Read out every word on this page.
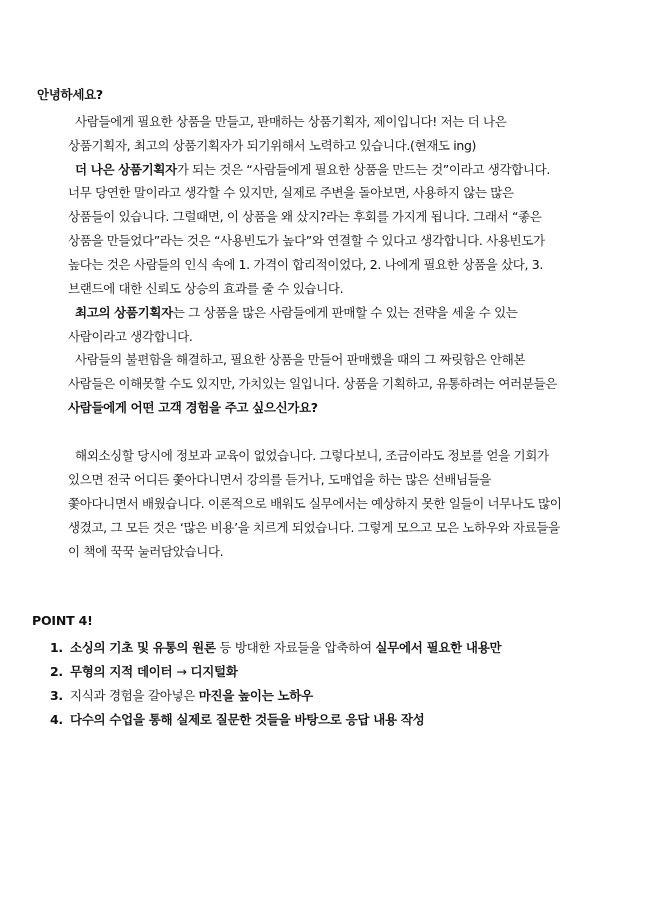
안녕하세요?
사람들에게 필요한 상품을 만들고, 판매하는 상품기획자, 제이입니다! 저는 더 나은
상품기획자, 최고의 상품기획자가 되기위해서 노력하고 있습니다.(현재도 ing)
더 나은 상품기획자가 되는 것은 “사람들에게 필요한 상품을 만드는 것”이라고 생각합니다.
너무 당연한 말이라고 생각할 수 있지만, 실제로 주변을 돌아보면, 사용하지 않는 많은
상품들이 있습니다. 그럴때면, 이 상품을 왜 샀지?라는 후회를 가지게 됩니다. 그래서 “좋은
상품을 만들었다”라는 것은 “사용빈도가 높다”와 연결할 수 있다고 생각합니다. 사용빈도가
높다는 것은 사람들의 인식 속에 1. 가격이 합리적이었다, 2. 나에게 필요한 상품을 샀다, 3.
브랜드에 대한 신뢰도 상승의 효과를 줄 수 있습니다.
최고의 상품기획자는 그 상품을 많은 사람들에게 판매할 수 있는 전략을 세울 수 있는
사람이라고 생각합니다.
사람들의 불편함을 해결하고, 필요한 상품을 만들어 판매했을 때의 그 짜릿함은 안해본
사람들은 이해못할 수도 있지만, 가치있는 일입니다. 상품을 기획하고, 유통하려는 여러분들은
사람들에게 어떤 고객 경험을 주고 싶으신가요?
해외소싱할 당시에 정보과 교육이 없었습니다. 그렇다보니, 조금이라도 정보를 얻을 기회가
있으면 전국 어디든 쫓아다니면서 강의를 듣거나, 도매업을 하는 많은 선배님들을
쫓아다니면서 배웠습니다. 이론적으로 배워도 실무에서는 예상하지 못한 일들이 너무나도 많이
생겼고, 그 모든 것은 ‘많은 비용’을 치르게 되었습니다. 그렇게 모으고 모은 노하우와 자료들을
이 책에 꾹꾹 눌러담았습니다.
POINT 4!
1. 소싱의 기초 및 유통의 원론 등 방대한 자료들을 압축하여 실무에서 필요한 내용만
2. 무형의 지적 데이터 → 디지털화
3. 지식과 경험을 갈아넣은 마진을 높이는 노하우
4. 다수의 수업을 통해 실제로 질문한 것들을 바탕으로 응답 내용 작성
